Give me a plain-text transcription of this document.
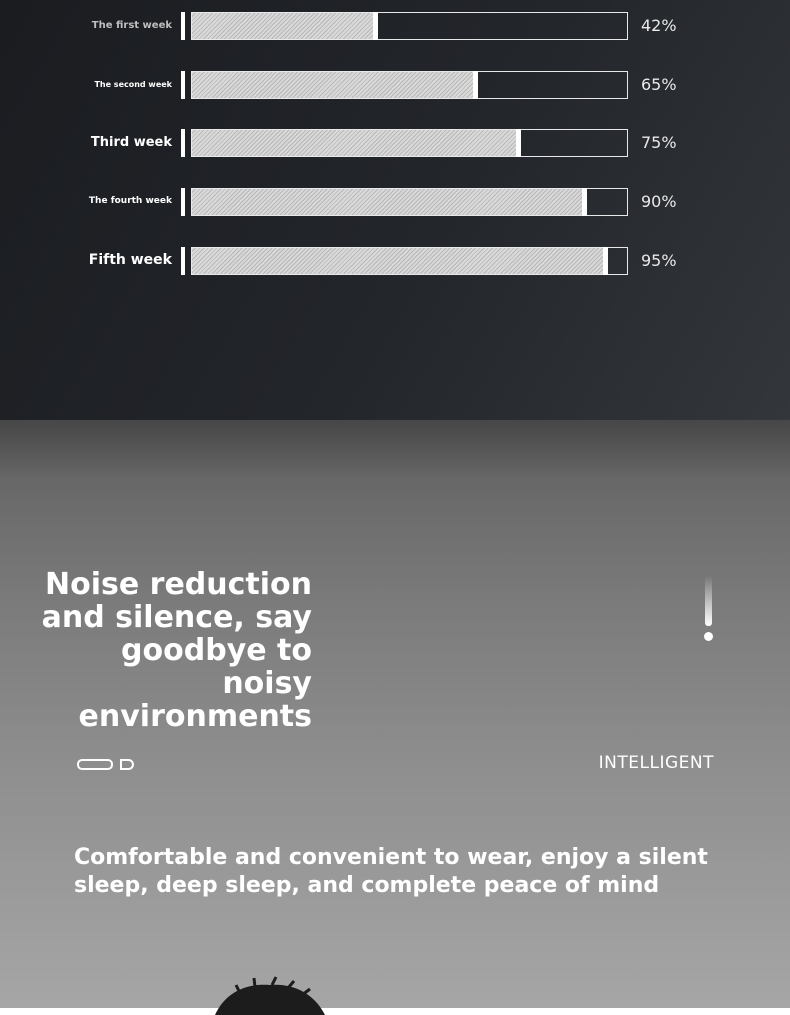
The first week	42%
The second week	65%
Third week	75%
The fourth week	90%
Fifth week	95%
Noise reduction and silence, say goodbye to noisy environments
INTELLIGENT
Comfortable and convenient to wear, enjoy a silent sleep, deep sleep, and complete peace of mind
